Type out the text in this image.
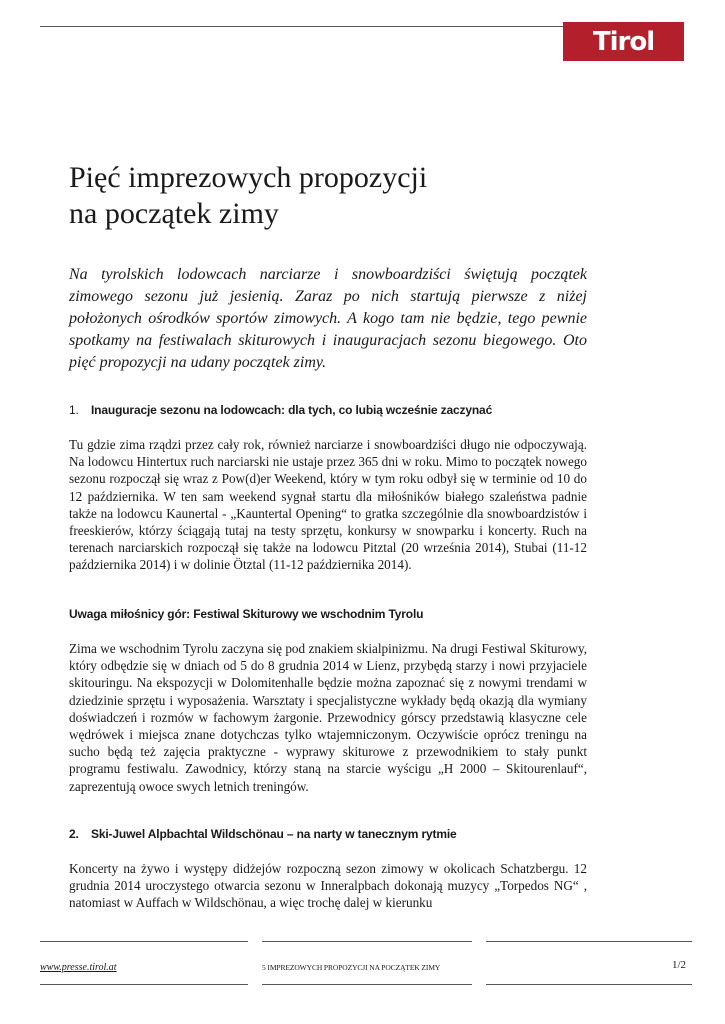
Tirol
Pięć imprezowych propozycji
na początek zimy

Na tyrolskich lodowcach narciarze i snowboardziści świętują początek zimowego sezonu już jesienią. Zaraz po nich startują pierwsze z niżej położonych ośrodków sportów zimowych. A kogo tam nie będzie, tego pewnie spotkamy na festiwalach skiturowych i inauguracjach sezonu biegowego. Oto pięć propozycji na udany początek zimy.

1. Inauguracje sezonu na lodowcach: dla tych, co lubią wcześnie zaczynać

Tu gdzie zima rządzi przez cały rok, również narciarze i snowboardziści długo nie odpoczywają. Na lodowcu Hintertux ruch narciarski nie ustaje przez 365 dni w roku. Mimo to początek nowego sezonu rozpoczął się wraz z Pow(d)er Weekend, który w tym roku odbył się w terminie od 10 do 12 października. W ten sam weekend sygnał startu dla miłośników białego szaleństwa padnie także na lodowcu Kaunertal - „Kauntertal Opening“ to gratka szczególnie dla snowboardzistów i freeskierów, którzy ściągają tutaj na testy sprzętu, konkursy w snowparku i koncerty. Ruch na terenach narciarskich rozpoczął się także na lodowcu Pitztal (20 września 2014), Stubai (11-12 października 2014) i w dolinie Ötztal (11-12 października 2014).

Uwaga miłośnicy gór: Festiwal Skiturowy we wschodnim Tyrolu

Zima we wschodnim Tyrolu zaczyna się pod znakiem skialpinizmu. Na drugi Festiwal Skiturowy, który odbędzie się w dniach od 5 do 8 grudnia 2014 w Lienz, przybędą starzy i nowi przyjaciele skitouringu. Na ekspozycji w Dolomitenhalle będzie można zapoznać się z nowymi trendami w dziedzinie sprzętu i wyposażenia. Warsztaty i specjalistyczne wykłady będą okazją dla wymiany doświadczeń i rozmów w fachowym żargonie. Przewodnicy górscy przedstawią klasyczne cele wędrówek i miejsca znane dotychczas tylko wtajemniczonym. Oczywiście oprócz treningu na sucho będą też zajęcia praktyczne - wyprawy skiturowe z przewodnikiem to stały punkt programu festiwalu. Zawodnicy, którzy staną na starcie wyścigu „H 2000 – Skitourenlauf“, zaprezentują owoce swych letnich treningów.

2. Ski-Juwel Alpbachtal Wildschönau – na narty w tanecznym rytmie

Koncerty na żywo i występy didżejów rozpoczną sezon zimowy w okolicach Schatzbergu. 12 grudnia 2014 uroczystego otwarcia sezonu w Inneralpbach dokonają muzycy „Torpedos NG“ , natomiast w Auffach w Wildschönau, a więc trochę dalej w kierunku

www.presse.tirol.at	5 IMPREZOWYCH PROPOZYCJI NA POCZĄTEK ZIMY	1/2
